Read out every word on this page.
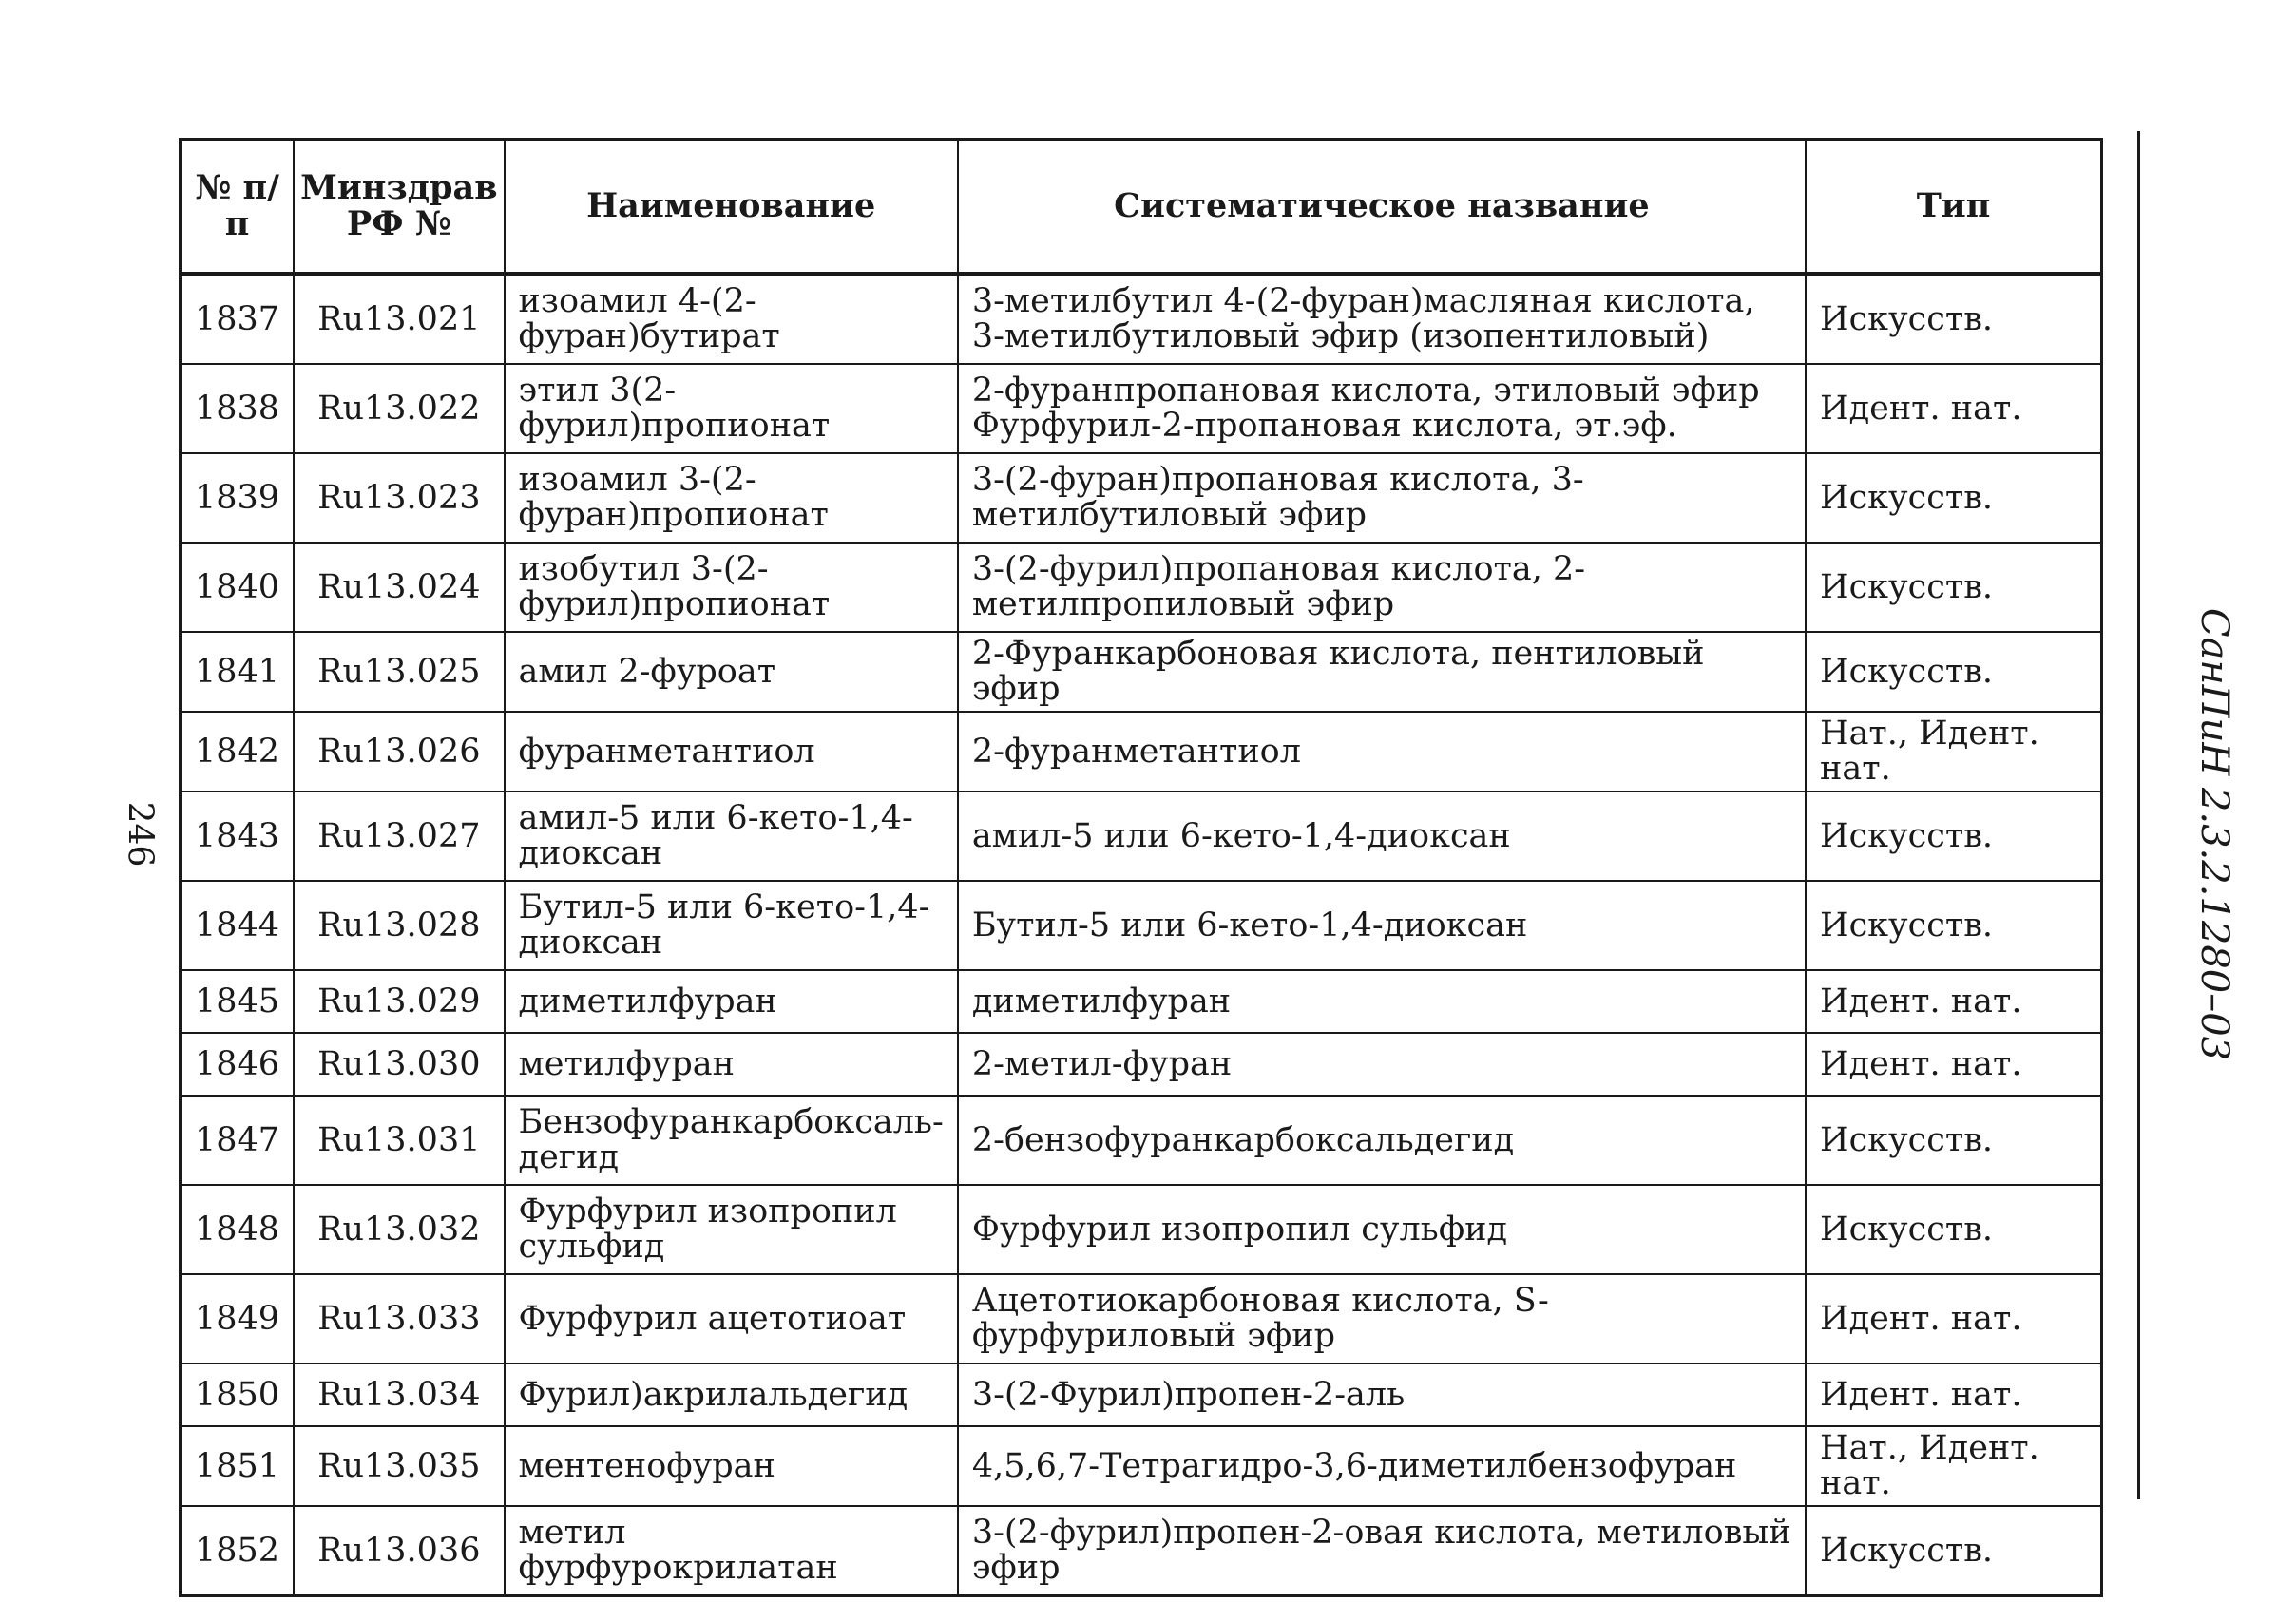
246	СанПиН 2.3.2.1280–03
№ п/п	Минздрав РФ №	Наименование	Систематическое название	Тип
1837	Ru13.021	изоамил 4-(2-фуран)бутират	3-метилбутил 4-(2-фуран)масляная кислота, 3-метилбутиловый эфир (изопентиловый)	Искусств.
1838	Ru13.022	этил 3(2-фурил)пропионат	2-фуранпропановая кислота, этиловый эфир Фурфурил-2-пропановая кислота, эт.эф.	Идент. нат.
1839	Ru13.023	изоамил 3-(2-фуран)пропионат	3-(2-фуран)пропановая кислота, 3-метилбутиловый эфир	Искусств.
1840	Ru13.024	изобутил 3-(2-фурил)пропионат	3-(2-фурил)пропановая кислота, 2-метилпропиловый эфир	Искусств.
1841	Ru13.025	амил 2-фуроат	2-Фуранкарбоновая кислота, пентиловый эфир	Искусств.
1842	Ru13.026	фуранметантиол	2-фуранметантиол	Нат., Идент. нат.
1843	Ru13.027	амил-5 или 6-кето-1,4-диоксан	амил-5 или 6-кето-1,4-диоксан	Искусств.
1844	Ru13.028	Бутил-5 или 6-кето-1,4-диоксан	Бутил-5 или 6-кето-1,4-диоксан	Искусств.
1845	Ru13.029	диметилфуран	диметилфуран	Идент. нат.
1846	Ru13.030	метилфуран	2-метил-фуран	Идент. нат.
1847	Ru13.031	Бензофуранкарбоксаль-дегид	2-бензофуранкарбоксальдегид	Искусств.
1848	Ru13.032	Фурфурил изопропил сульфид	Фурфурил изопропил сульфид	Искусств.
1849	Ru13.033	Фурфурил ацетотиоат	Ацетотиокарбоновая кислота, S-фурфуриловый эфир	Идент. нат.
1850	Ru13.034	Фурил)акрилальдегид	3-(2-Фурил)пропен-2-аль	Идент. нат.
1851	Ru13.035	ментенофуран	4,5,6,7-Тетрагидро-3,6-диметилбензофуран	Нат., Идент. нат.
1852	Ru13.036	метил фурфурокрилатан	3-(2-фурил)пропен-2-овая кислота, метиловый эфир	Искусств.
